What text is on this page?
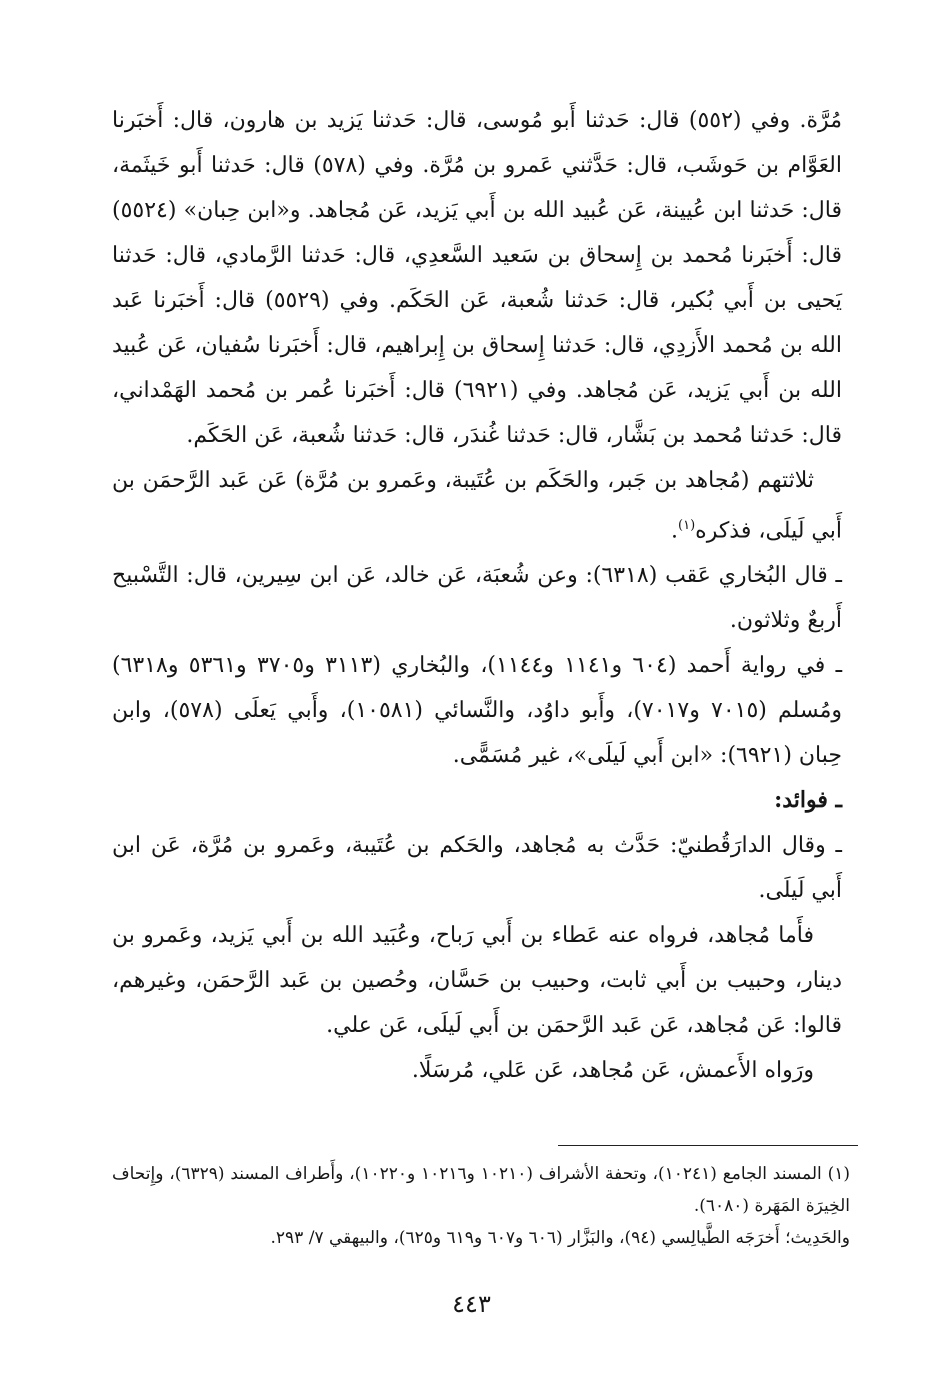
مُرَّة. وفي (٥٥٢) قال: حَدثنا أَبو مُوسى، قال: حَدثنا يَزيد بن هارون، قال: أَخبَرنا العَوَّام بن حَوشَب، قال: حَدَّثني عَمرو بن مُرَّة. وفي (٥٧٨) قال: حَدثنا أَبو خَيثَمة، قال: حَدثنا ابن عُيينة، عَن عُبيد الله بن أَبي يَزيد، عَن مُجاهد. و«ابن حِبان» (٥٥٢٤) قال: أَخبَرنا مُحمد بن إِسحاق بن سَعيد السَّعدِي، قال: حَدثنا الرَّمادي، قال: حَدثنا يَحيى بن أَبي بُكير، قال: حَدثنا شُعبة، عَن الحَكَم. وفي (٥٥٢٩) قال: أَخبَرنا عَبد الله بن مُحمد الأَزدِي، قال: حَدثنا إِسحاق بن إِبراهيم، قال: أَخبَرنا سُفيان، عَن عُبيد الله بن أَبي يَزيد، عَن مُجاهد. وفي (٦٩٢١) قال: أَخبَرنا عُمر بن مُحمد الهَمْداني، قال: حَدثنا مُحمد بن بَشَّار، قال: حَدثنا غُندَر، قال: حَدثنا شُعبة، عَن الحَكَم.

ثلاثتهم (مُجاهد بن جَبر، والحَكَم بن عُتَيبة، وعَمرو بن مُرَّة) عَن عَبد الرَّحمَن بن أَبي لَيلَى، فذكره$^{(١)}$.

ـ قال البُخاري عَقب (٦٣١٨): وعن شُعبَة، عَن خالد، عَن ابن سِيرين، قال: التَّسْبيح أَربعٌ وثلاثون.

ـ في رواية أَحمد (٦٠٤ و١١٤١ و١١٤٤)، والبُخاري (٣١١٣ و٣٧٠٥ و٥٣٦١ و٦٣١٨) ومُسلم (٧٠١٥ و٧٠١٧)، وأَبو داوُد، والنَّسائي (١٠٥٨١)، وأَبي يَعلَى (٥٧٨)، وابن حِبان (٦٩٢١): «ابن أَبي لَيلَى»، غير مُسَمًّى.

ـ فوائد:

ـ وقال الدارَقُطنيّ: حَدَّث به مُجاهد، والحَكم بن عُتَيبة، وعَمرو بن مُرَّة، عَن ابن أَبي لَيلَى.

فأَما مُجاهد، فرواه عنه عَطاء بن أَبي رَباح، وعُبَيد الله بن أَبي يَزيد، وعَمرو بن دينار، وحبيب بن أَبي ثابت، وحبيب بن حَسَّان، وحُصين بن عَبد الرَّحمَن، وغيرهم، قالوا: عَن مُجاهد، عَن عَبد الرَّحمَن بن أَبي لَيلَى، عَن علي.

ورَواه الأَعمش، عَن مُجاهد، عَن عَلي، مُرسَلًا.

(١) المسند الجامع (١٠٢٤١)، وتحفة الأشراف (١٠٢١٠ و١٠٢١٦ و١٠٢٢٠)، وأَطراف المسند (٦٣٢٩)، وإِتحاف الخِيرَة المَهَرة (٦٠٨٠).

والحَدِيث؛ أَخرَجَه الطَّيالِسي (٩٤)، والبَزَّار (٦٠٦ و٦٠٧ و٦١٩ و٦٢٥)، والبيهقي ٧/ ٢٩٣.

٤٤٣
